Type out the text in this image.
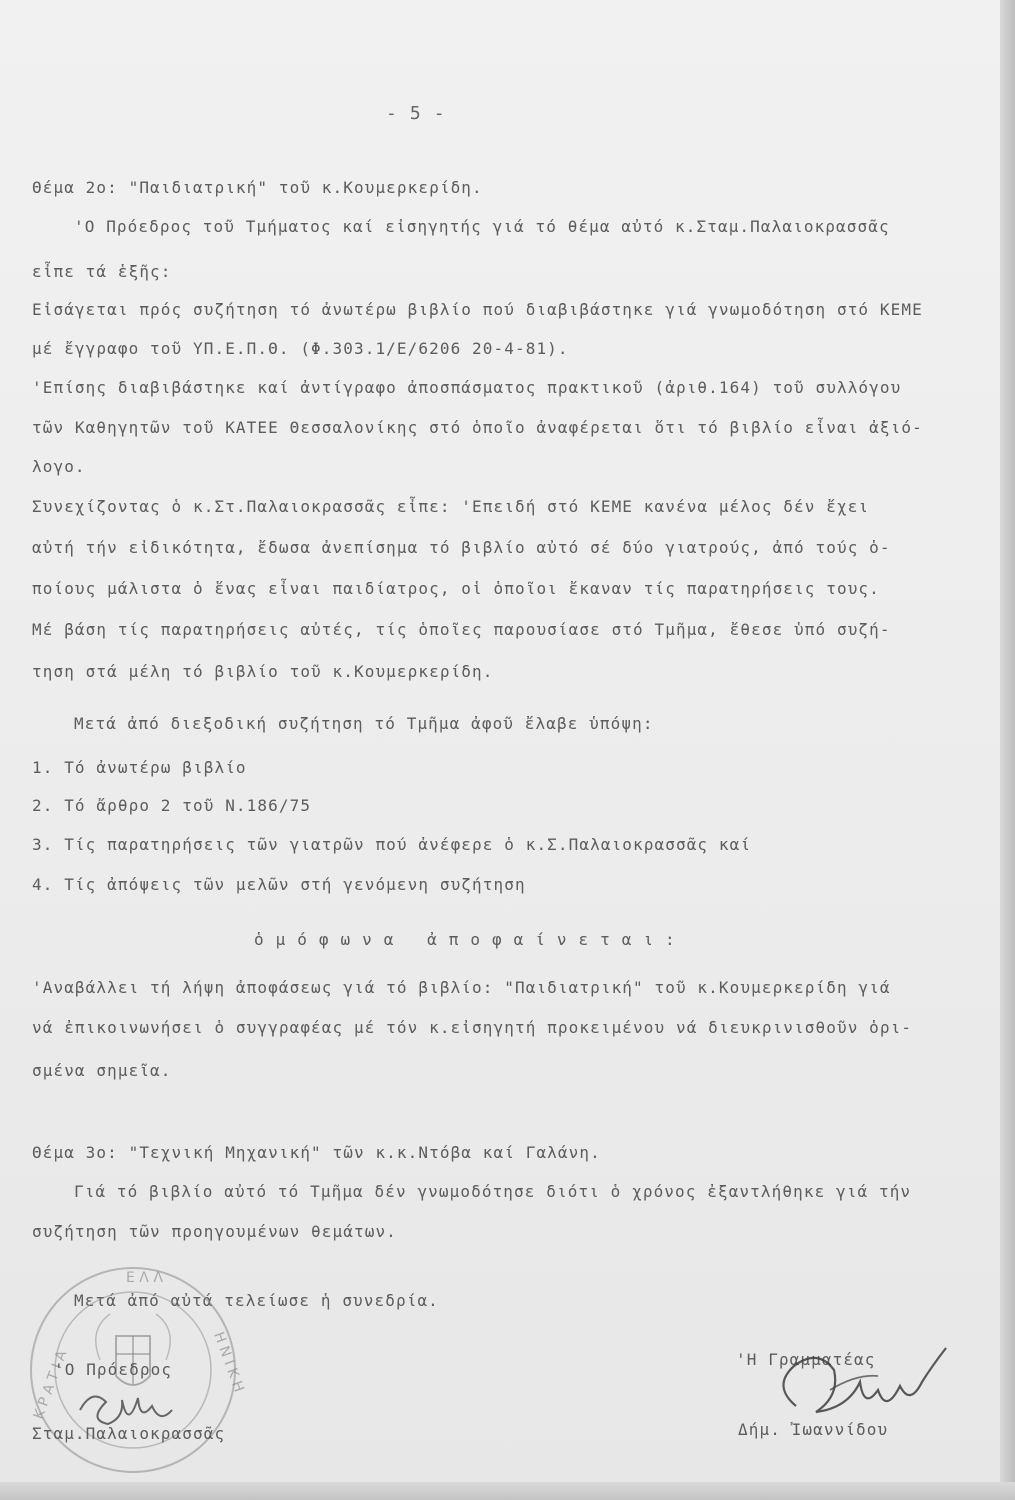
- 5 -
Θέμα 2ο: "Παιδιατρική" τοῦ κ.Κουμερκερίδη.
'Ο Πρόεδρος τοῦ Τμήματος καί εἰσηγητής γιά τό θέμα αὐτό κ.Σταμ.Παλαιοκρασσᾶς
εἶπε τά ἑξῆς:
Εἰσάγεται πρός συζήτηση τό ἀνωτέρω βιβλίο πού διαβιβάστηκε γιά γνωμοδότηση στό ΚΕΜΕ
μέ ἔγγραφο τοῦ ΥΠ.Ε.Π.Θ. (Φ.303.1/Ε/6206 20-4-81).
'Επίσης διαβιβάστηκε καί ἀντίγραφο ἀποσπάσματος πρακτικοῦ (ἀριθ.164) τοῦ συλλόγου
τῶν Καθηγητῶν τοῦ ΚΑΤΕΕ Θεσσαλονίκης στό ὁποῖο ἀναφέρεται ὅτι τό βιβλίο εἶναι ἀξιό-
λογο.
Συνεχίζοντας ὁ κ.Στ.Παλαιοκρασσᾶς εἶπε: 'Επειδή στό ΚΕΜΕ κανένα μέλος δέν ἔχει
αὐτή τήν εἰδικότητα, ἔδωσα ἀνεπίσημα τό βιβλίο αὐτό σέ δύο γιατρούς, ἀπό τούς ὁ-
ποίους μάλιστα ὁ ἕνας εἶναι παιδίατρος, οἱ ὁποῖοι ἔκαναν τίς παρατηρήσεις τους.
Μέ βάση τίς παρατηρήσεις αὐτές, τίς ὁποῖες παρουσίασε στό Τμῆμα, ἔθεσε ὑπό συζή-
τηση στά μέλη τό βιβλίο τοῦ κ.Κουμερκερίδη.
Μετά ἀπό διεξοδική συζήτηση τό Τμῆμα ἀφοῦ ἔλαβε ὑπόψη:
1. Τό ἀνωτέρω βιβλίο
2. Τό ἄρθρο 2 τοῦ Ν.186/75
3. Τίς παρατηρήσεις τῶν γιατρῶν πού ἀνέφερε ὁ κ.Σ.Παλαιοκρασσᾶς καί
4. Τίς ἀπόψεις τῶν μελῶν στή γενόμενη συζήτηση
ὁμόφωνα ἀποφαίνεται:
'Αναβάλλει τή λήψη ἀποφάσεως γιά τό βιβλίο: "Παιδιατρική" τοῦ κ.Κουμερκερίδη γιά
νά ἐπικοινωνήσει ὁ συγγραφέας μέ τόν κ.εἰσηγητή προκειμένου νά διευκρινισθοῦν ὁρι-
σμένα σημεῖα.
Θέμα 3ο: "Τεχνική Μηχανική" τῶν κ.κ.Ντόβα καί Γαλάνη.
Γιά τό βιβλίο αὐτό τό Τμῆμα δέν γνωμοδότησε διότι ὁ χρόνος ἐξαντλήθηκε γιά τήν
συζήτηση τῶν προηγουμένων θεμάτων.
Μετά ἀπό αὐτά τελείωσε ἡ συνεδρία.
Ε Λ Λ
Κ Ρ Α Τ Ι Α	Η Ν Ι Κ Η
'Ο Πρόεδρος
Σταμ.Παλαιοκρασσᾶς
'Η Γραμματέας
Δήμ. Ἰωαννίδου
